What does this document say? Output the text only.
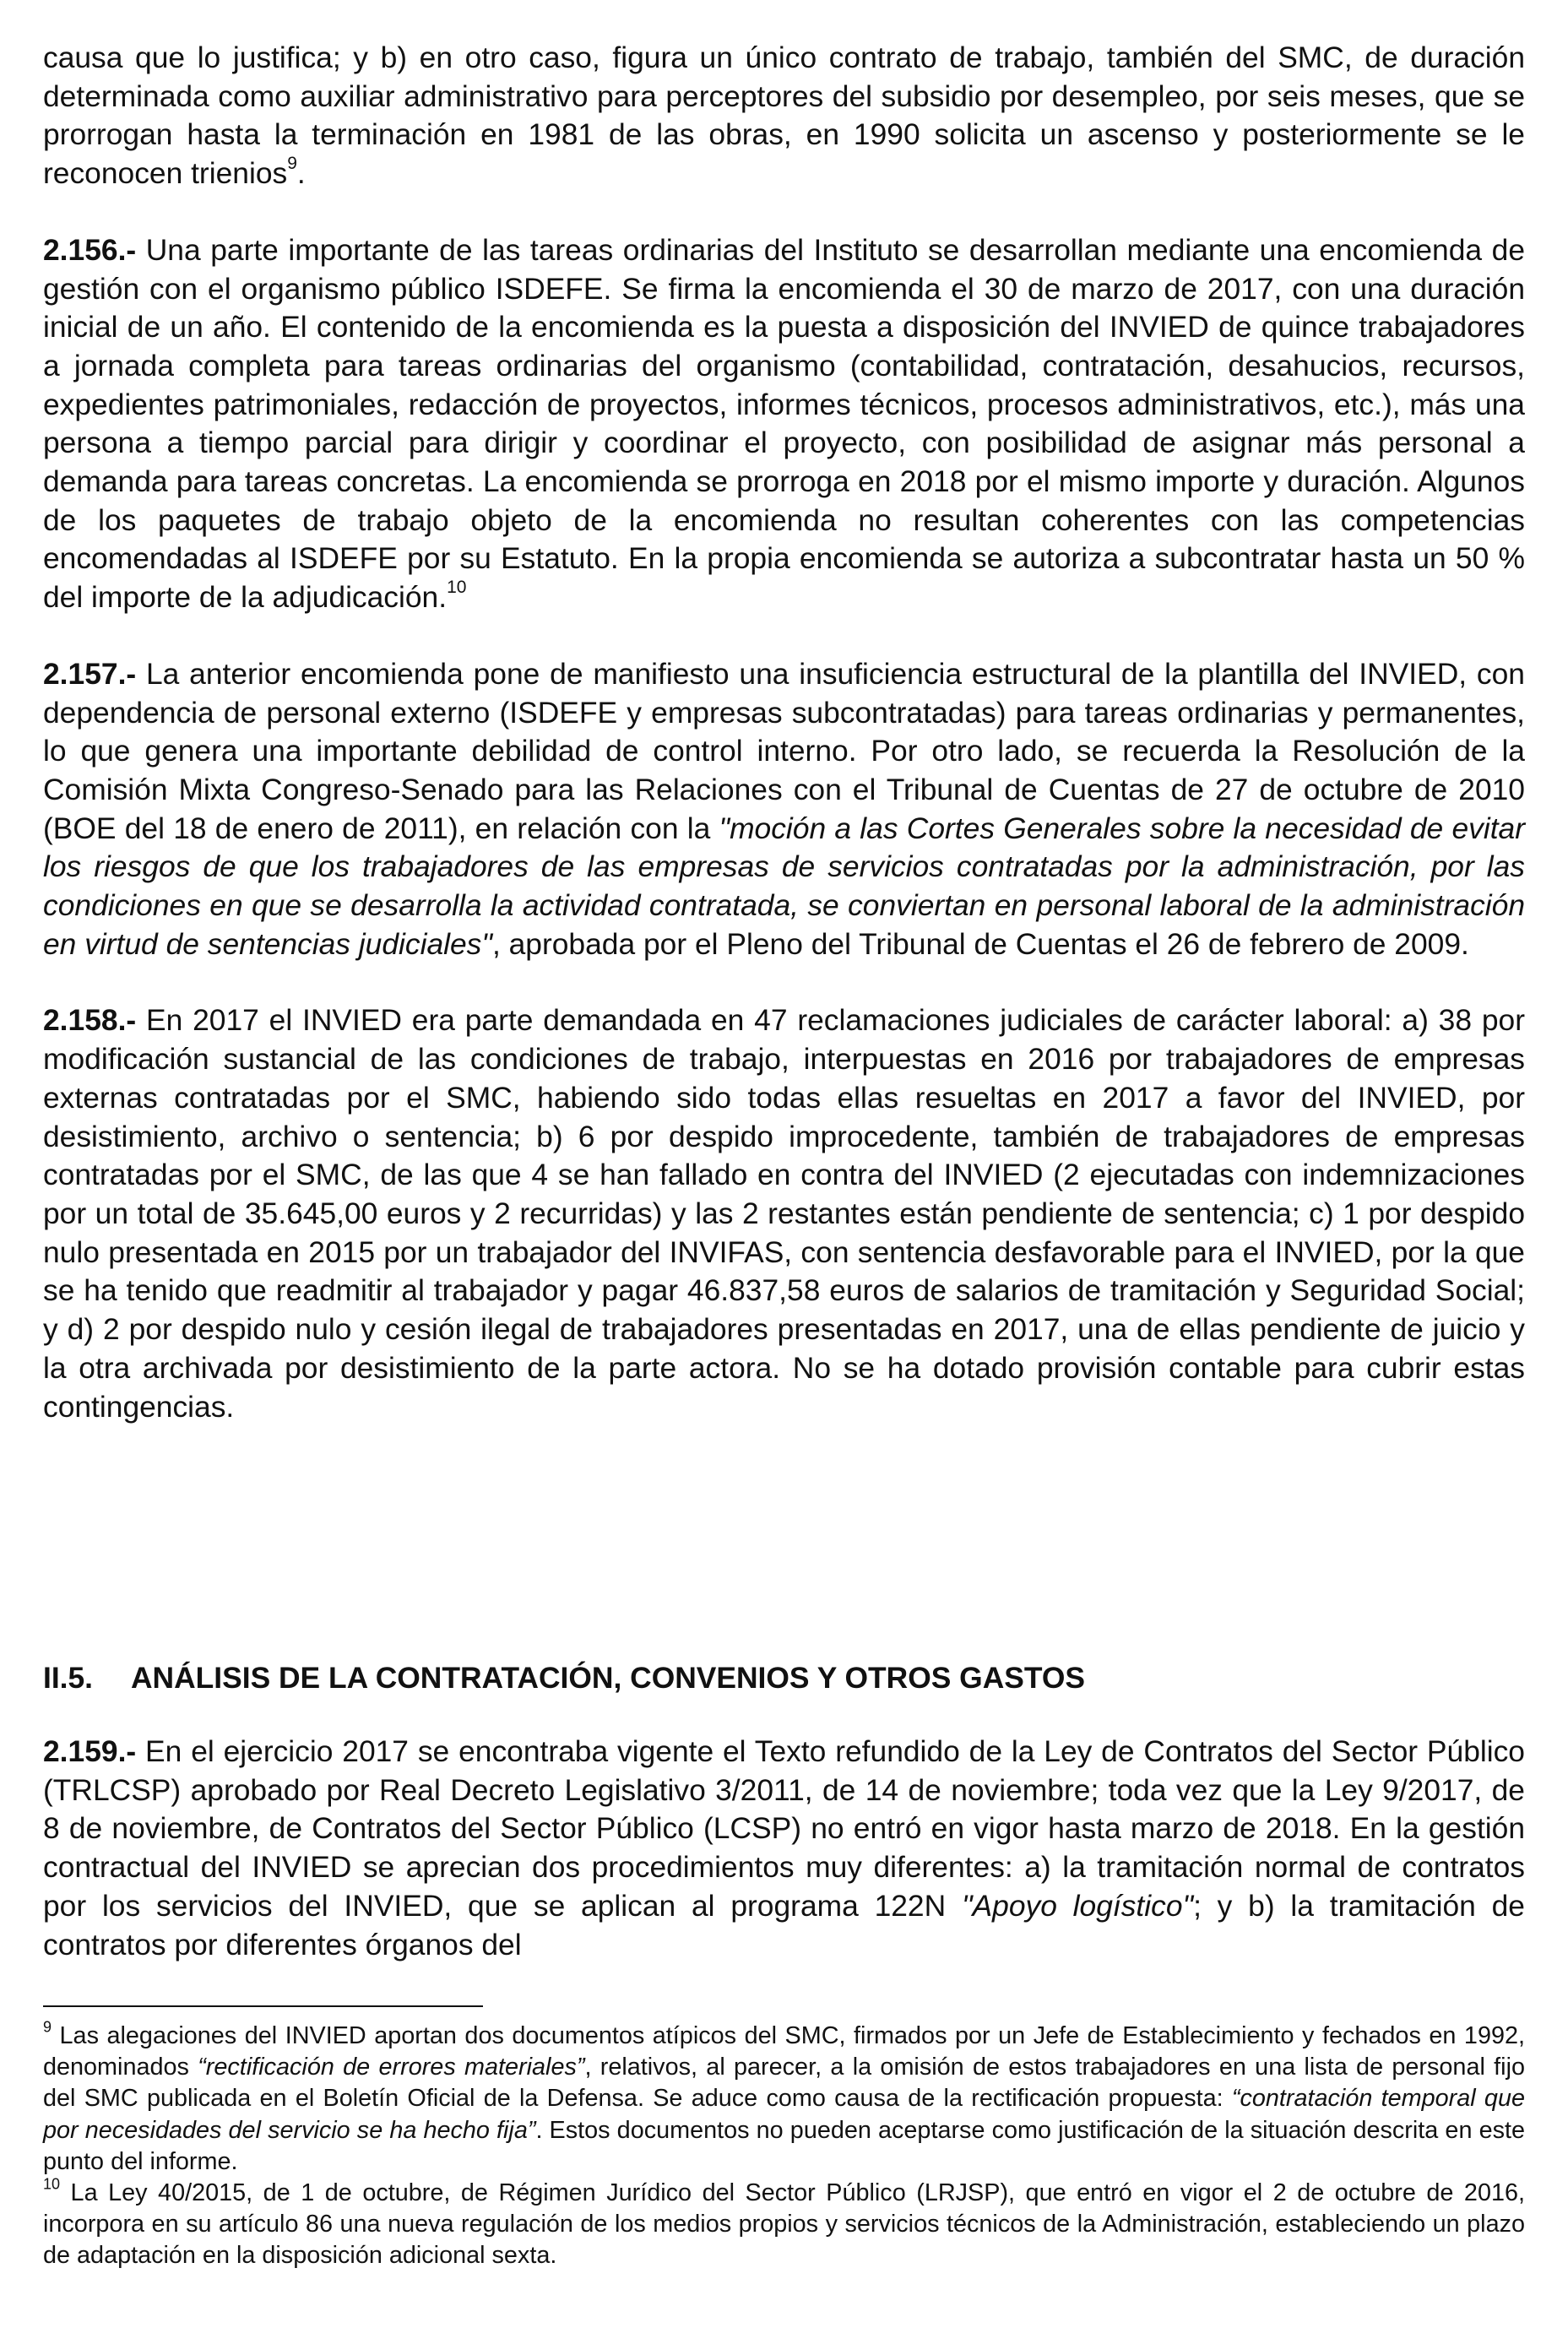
causa que lo justifica; y b) en otro caso, figura un único contrato de trabajo, también del SMC, de duración determinada como auxiliar administrativo para perceptores del subsidio por desempleo, por seis meses, que se prorrogan hasta la terminación en 1981 de las obras, en 1990 solicita un ascenso y posteriormente se le reconocen trienios$^9$.

2.156.- Una parte importante de las tareas ordinarias del Instituto se desarrollan mediante una encomienda de gestión con el organismo público ISDEFE. Se firma la encomienda el 30 de marzo de 2017, con una duración inicial de un año. El contenido de la encomienda es la puesta a disposición del INVIED de quince trabajadores a jornada completa para tareas ordinarias del organismo (contabilidad, contratación, desahucios, recursos, expedientes patrimoniales, redacción de proyectos, informes técnicos, procesos administrativos, etc.), más una persona a tiempo parcial para dirigir y coordinar el proyecto, con posibilidad de asignar más personal a demanda para tareas concretas. La encomienda se prorroga en 2018 por el mismo importe y duración. Algunos de los paquetes de trabajo objeto de la encomienda no resultan coherentes con las competencias encomendadas al ISDEFE por su Estatuto. En la propia encomienda se autoriza a subcontratar hasta un 50 % del importe de la adjudicación.$^{10}$

2.157.- La anterior encomienda pone de manifiesto una insuficiencia estructural de la plantilla del INVIED, con dependencia de personal externo (ISDEFE y empresas subcontratadas) para tareas ordinarias y permanentes, lo que genera una importante debilidad de control interno. Por otro lado, se recuerda la Resolución de la Comisión Mixta Congreso-Senado para las Relaciones con el Tribunal de Cuentas de 27 de octubre de 2010 (BOE del 18 de enero de 2011), en relación con la "moción a las Cortes Generales sobre la necesidad de evitar los riesgos de que los trabajadores de las empresas de servicios contratadas por la administración, por las condiciones en que se desarrolla la actividad contratada, se conviertan en personal laboral de la administración en virtud de sentencias judiciales", aprobada por el Pleno del Tribunal de Cuentas el 26 de febrero de 2009.

2.158.- En 2017 el INVIED era parte demandada en 47 reclamaciones judiciales de carácter laboral: a) 38 por modificación sustancial de las condiciones de trabajo, interpuestas en 2016 por trabajadores de empresas externas contratadas por el SMC, habiendo sido todas ellas resueltas en 2017 a favor del INVIED, por desistimiento, archivo o sentencia; b) 6 por despido improcedente, también de trabajadores de empresas contratadas por el SMC, de las que 4 se han fallado en contra del INVIED (2 ejecutadas con indemnizaciones por un total de 35.645,00 euros y 2 recurridas) y las 2 restantes están pendiente de sentencia; c) 1 por despido nulo presentada en 2015 por un trabajador del INVIFAS, con sentencia desfavorable para el INVIED, por la que se ha tenido que readmitir al trabajador y pagar 46.837,58 euros de salarios de tramitación y Seguridad Social; y d) 2 por despido nulo y cesión ilegal de trabajadores presentadas en 2017, una de ellas pendiente de juicio y la otra archivada por desistimiento de la parte actora. No se ha dotado provisión contable para cubrir estas contingencias.

II.5. ANÁLISIS DE LA CONTRATACIÓN, CONVENIOS Y OTROS GASTOS

2.159.- En el ejercicio 2017 se encontraba vigente el Texto refundido de la Ley de Contratos del Sector Público (TRLCSP) aprobado por Real Decreto Legislativo 3/2011, de 14 de noviembre; toda vez que la Ley 9/2017, de 8 de noviembre, de Contratos del Sector Público (LCSP) no entró en vigor hasta marzo de 2018. En la gestión contractual del INVIED se aprecian dos procedimientos muy diferentes: a) la tramitación normal de contratos por los servicios del INVIED, que se aplican al programa 122N "Apoyo logístico"; y b) la tramitación de contratos por diferentes órganos del

$^9$ Las alegaciones del INVIED aportan dos documentos atípicos del SMC, firmados por un Jefe de Establecimiento y fechados en 1992, denominados “rectificación de errores materiales”, relativos, al parecer, a la omisión de estos trabajadores en una lista de personal fijo del SMC publicada en el Boletín Oficial de la Defensa. Se aduce como causa de la rectificación propuesta: “contratación temporal que por necesidades del servicio se ha hecho fija”. Estos documentos no pueden aceptarse como justificación de la situación descrita en este punto del informe.

$^{10}$ La Ley 40/2015, de 1 de octubre, de Régimen Jurídico del Sector Público (LRJSP), que entró en vigor el 2 de octubre de 2016, incorpora en su artículo 86 una nueva regulación de los medios propios y servicios técnicos de la Administración, estableciendo un plazo de adaptación en la disposición adicional sexta.
